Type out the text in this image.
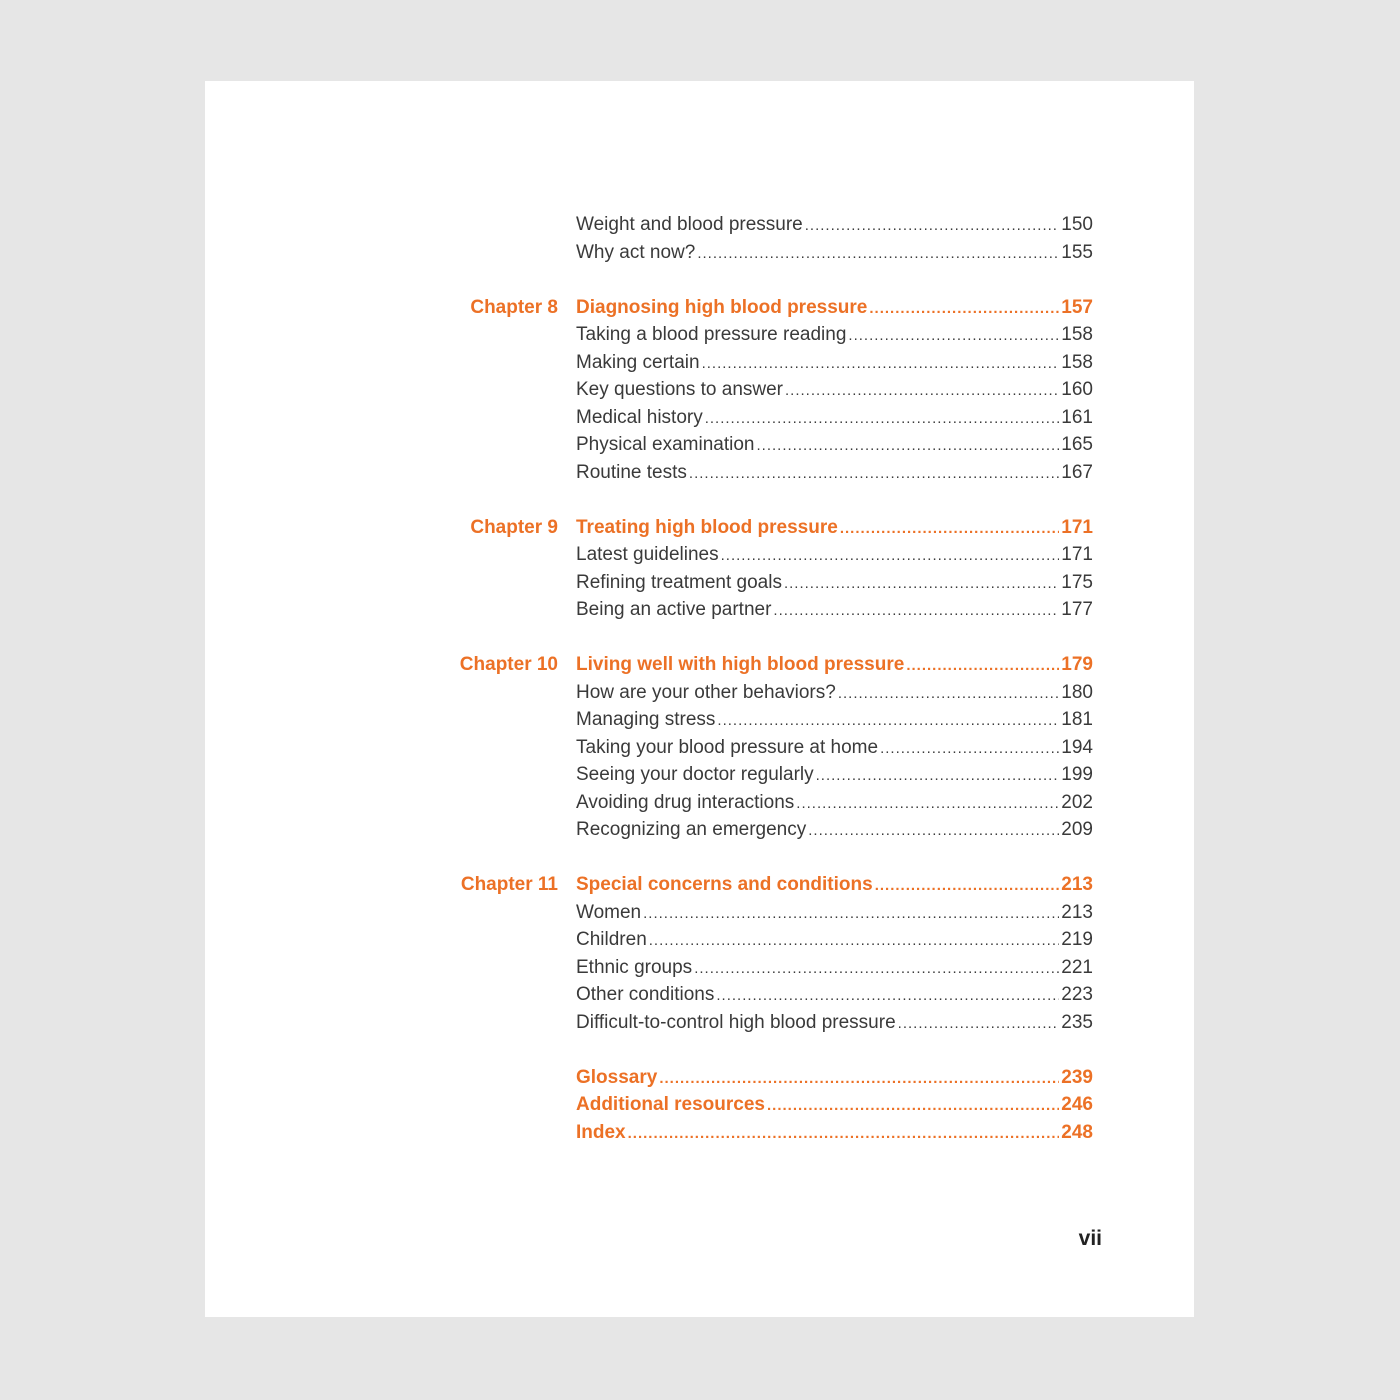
Weight and blood pressure .....	150
Why act now? .....	155
Chapter 8 Diagnosing high blood pressure .....	157
Taking a blood pressure reading .....	158
Making certain .....	158
Key questions to answer .....	160
Medical history .....	161
Physical examination .....	165
Routine tests .....	167
Chapter 9 Treating high blood pressure .....	171
Latest guidelines .....	171
Refining treatment goals .....	175
Being an active partner .....	177
Chapter 10 Living well with high blood pressure .....	179
How are your other behaviors? .....	180
Managing stress .....	181
Taking your blood pressure at home .....	194
Seeing your doctor regularly .....	199
Avoiding drug interactions .....	202
Recognizing an emergency .....	209
Chapter 11 Special concerns and conditions .....	213
Women .....	213
Children .....	219
Ethnic groups .....	221
Other conditions .....	223
Difficult-to-control high blood pressure .....	235
Glossary .....	239
Additional resources .....	246
Index .....	248
vii
